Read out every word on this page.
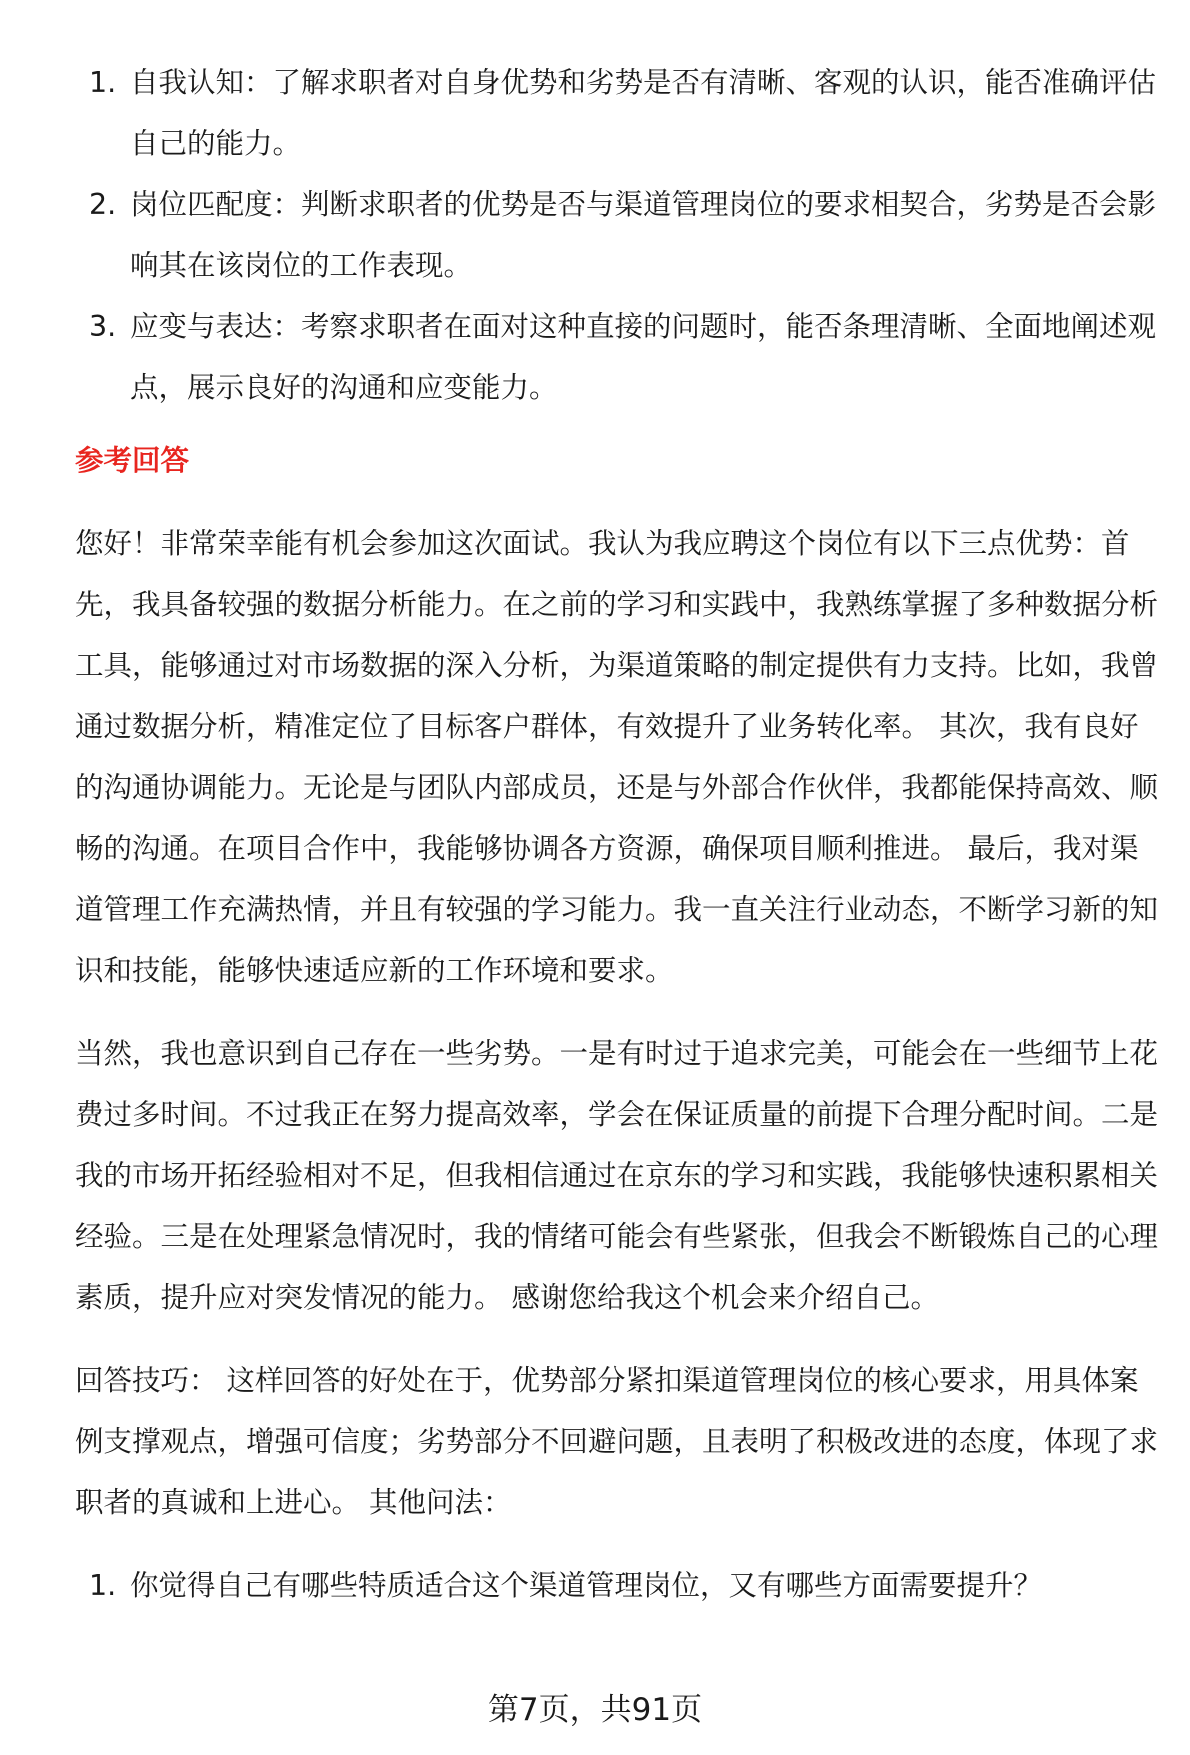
1. 自我认知：了解求职者对自身优势和劣势是否有清晰、客观的认识，能否准确评估自己的能力。
2. 岗位匹配度：判断求职者的优势是否与渠道管理岗位的要求相契合，劣势是否会影响其在该岗位的工作表现。
3. 应变与表达：考察求职者在面对这种直接的问题时，能否条理清晰、全面地阐述观点，展示良好的沟通和应变能力。
参考回答

您好！非常荣幸能有机会参加这次面试。我认为我应聘这个岗位有以下三点优势：首先，我具备较强的数据分析能力。在之前的学习和实践中，我熟练掌握了多种数据分析工具，能够通过对市场数据的深入分析，为渠道策略的制定提供有力支持。比如，我曾通过数据分析，精准定位了目标客户群体，有效提升了业务转化率。 其次，我有良好的沟通协调能力。无论是与团队内部成员，还是与外部合作伙伴，我都能保持高效、顺畅的沟通。在项目合作中，我能够协调各方资源，确保项目顺利推进。 最后，我对渠道管理工作充满热情，并且有较强的学习能力。我一直关注行业动态，不断学习新的知识和技能，能够快速适应新的工作环境和要求。

当然，我也意识到自己存在一些劣势。一是有时过于追求完美，可能会在一些细节上花费过多时间。不过我正在努力提高效率，学会在保证质量的前提下合理分配时间。二是我的市场开拓经验相对不足，但我相信通过在京东的学习和实践，我能够快速积累相关经验。三是在处理紧急情况时，我的情绪可能会有些紧张，但我会不断锻炼自己的心理素质，提升应对突发情况的能力。 感谢您给我这个机会来介绍自己。

回答技巧： 这样回答的好处在于，优势部分紧扣渠道管理岗位的核心要求，用具体案例支撑观点，增强可信度；劣势部分不回避问题，且表明了积极改进的态度，体现了求职者的真诚和上进心。 其他问法：

1. 你觉得自己有哪些特质适合这个渠道管理岗位，又有哪些方面需要提升？
第7页，共91页
